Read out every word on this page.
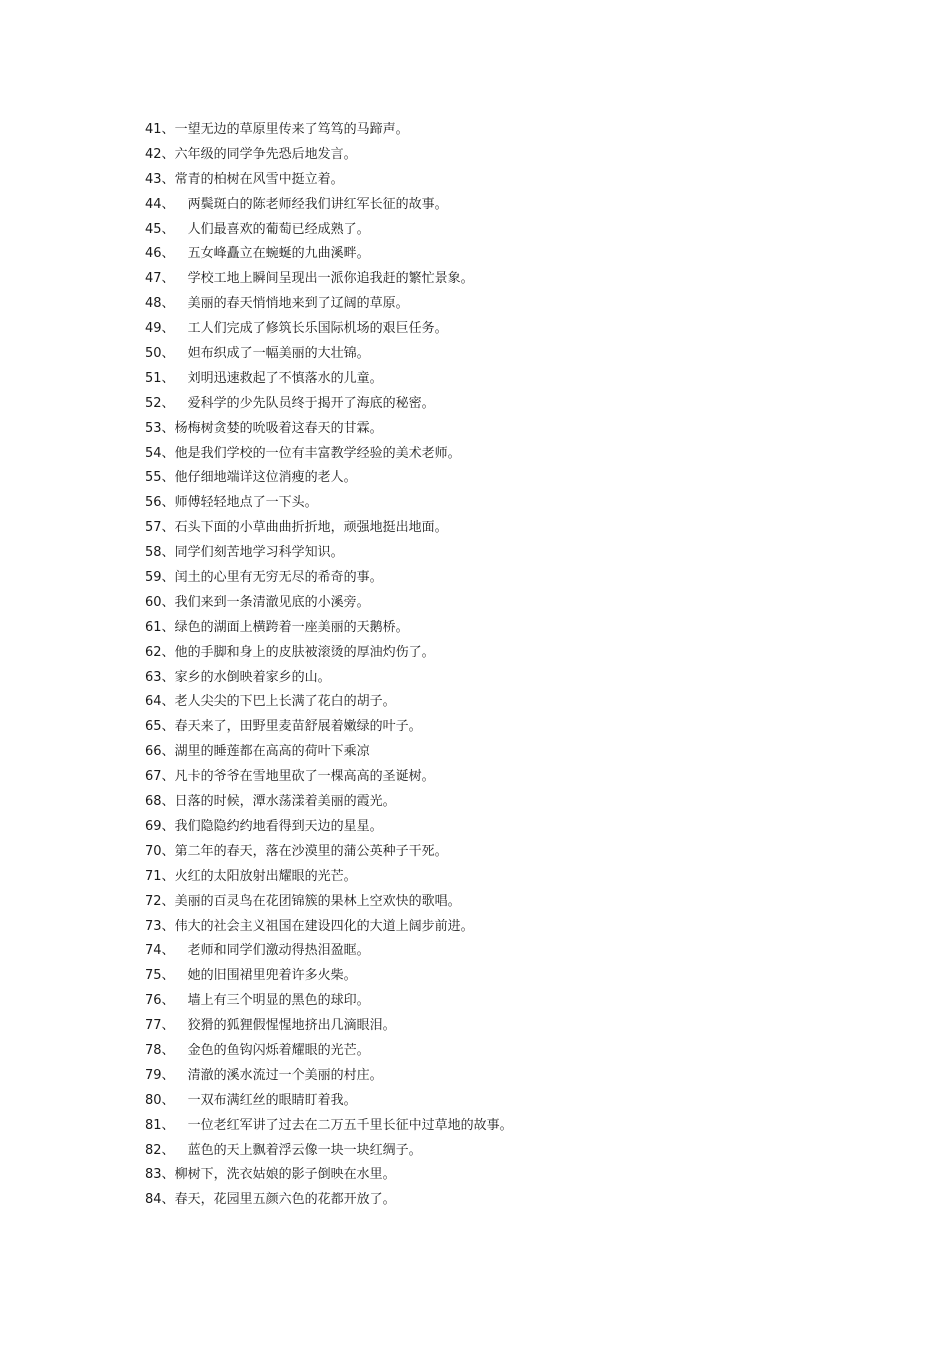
41 、 一望无边的草原里传来了笃笃的马蹄声。
42 、 六年级的同学争先恐后地发言。
43 、 常青的柏树在风雪中挺立着。
44 、 两鬓斑白的陈老师经我们讲红军长征的故事。
45 、 人们最喜欢的葡萄已经成熟了。
46 、 五女峰矗立在蜿蜒的九曲溪畔。
47 、 学校工地上瞬间呈现出一派你追我赶的繁忙景象。
48 、 美丽的春天悄悄地来到了辽阔的草原。
49 、 工人们完成了修筑长乐国际机场的艰巨任务。
50 、 妲布织成了一幅美丽的大壮锦。
51 、 刘明迅速救起了不慎落水的儿童。
52 、 爱科学的少先队员终于揭开了海底的秘密。
53 、 杨梅树贪婪的吮吸着这春天的甘霖。
54 、 他是我们学校的一位有丰富教学经验的美术老师。
55 、 他仔细地端详这位消瘦的老人。
56 、 师傅轻轻地点了一下头。
57 、 石头下面的小草曲曲折折地，顽强地挺出地面。
58 、 同学们刻苦地学习科学知识。
59 、 闰土的心里有无穷无尽的希奇的事。
60 、 我们来到一条清澈见底的小溪旁。
61 、 绿色的湖面上横跨着一座美丽的天鹅桥。
62 、 他的手脚和身上的皮肤被滚烫的厚油灼伤了。
63 、 家乡的水倒映着家乡的山。
64 、 老人尖尖的下巴上长满了花白的胡子。
65 、 春天来了，田野里麦苗舒展着嫩绿的叶子。
66 、 湖里的睡莲都在高高的荷叶下乘凉
67 、 凡卡的爷爷在雪地里砍了一棵高高的圣诞树。
68 、 日落的时候，潭水荡漾着美丽的霞光。
69 、 我们隐隐约约地看得到天边的星星。
70 、 第二年的春天，落在沙漠里的蒲公英种子干死。
71 、 火红的太阳放射出耀眼的光芒。
72 、 美丽的百灵鸟在花团锦簇的果林上空欢快的歌唱。
73 、 伟大的社会主义祖国在建设四化的大道上阔步前进。
74 、 老师和同学们激动得热泪盈眶。
75 、 她的旧围裙里兜着许多火柴。
76 、 墙上有三个明显的黑色的球印。
77 、 狡猾的狐狸假惺惺地挤出几滴眼泪。
78 、 金色的鱼钩闪烁着耀眼的光芒。
79 、 清澈的溪水流过一个美丽的村庄。
80 、 一双布满红丝的眼睛盯着我。
81 、 一位老红军讲了过去在二万五千里长征中过草地的故事。
82 、 蓝色的天上飘着浮云像一块一块红绸子。
83 、 柳树下，洗衣姑娘的影子倒映在水里。
84 、 春天，花园里五颜六色的花都开放了。
